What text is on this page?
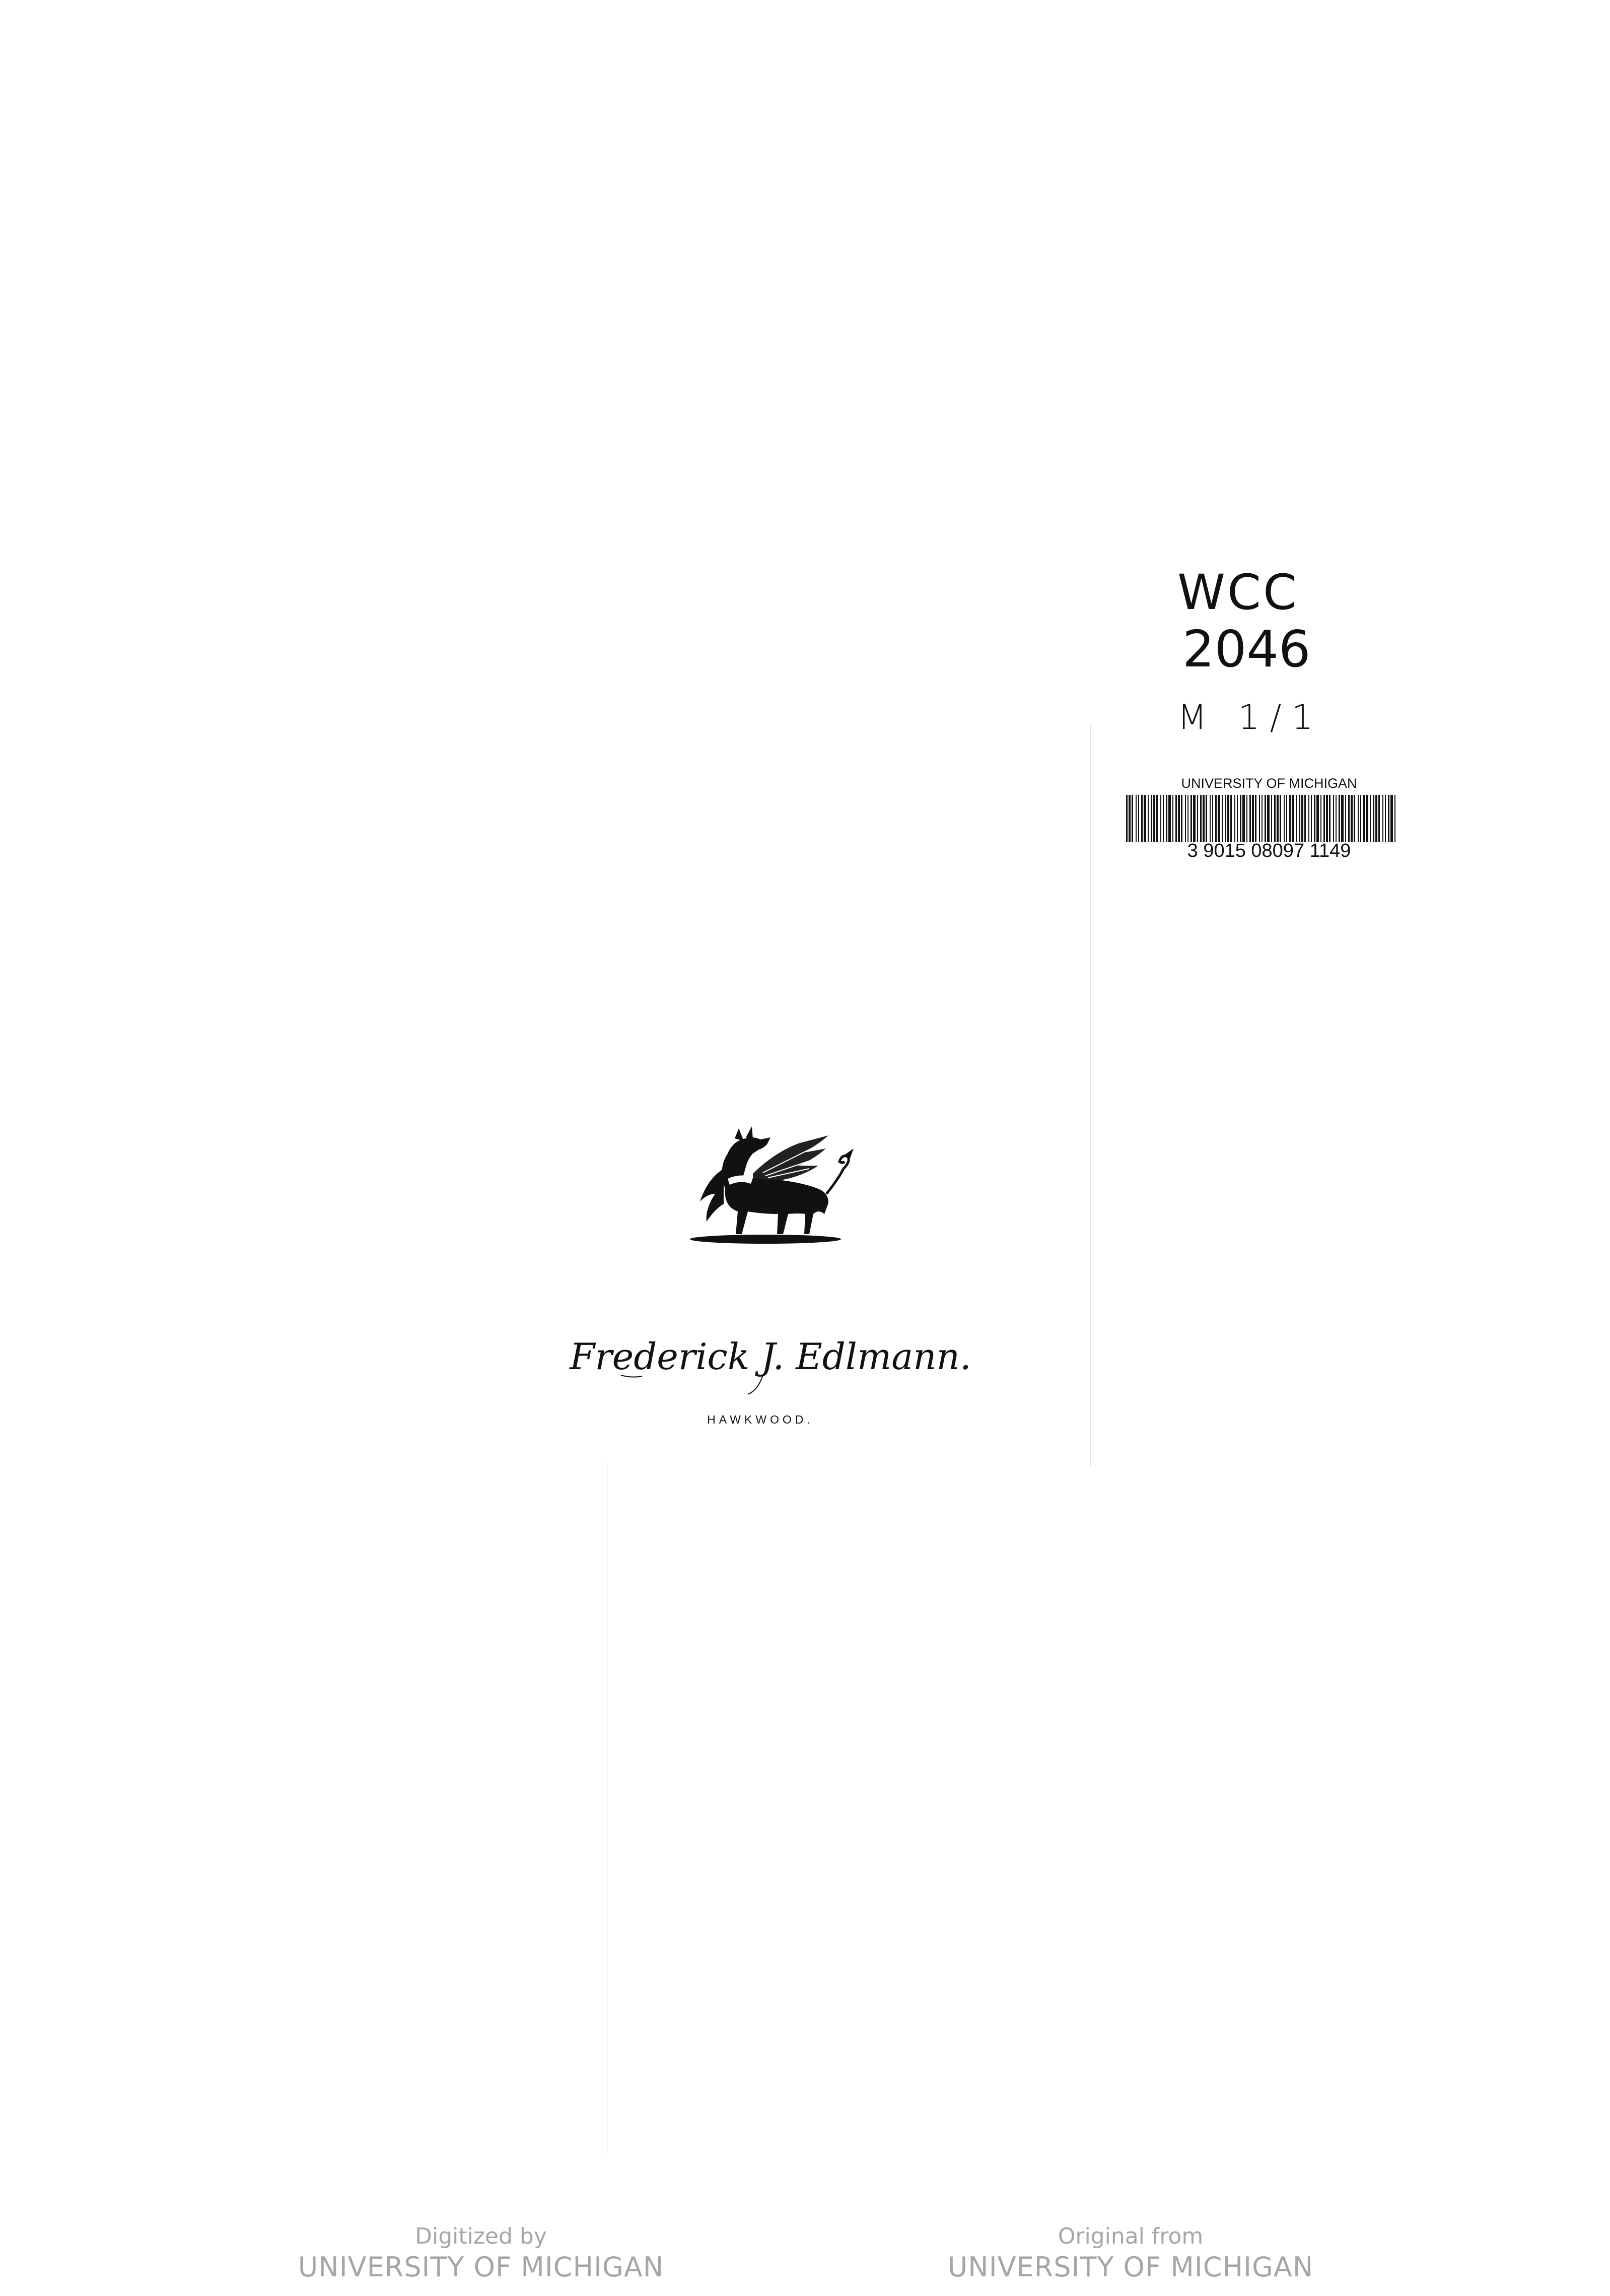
WCC
2046
M 1/1
UNIVERSITY OF MICHIGAN
3 9015 08097 1149
Frederick J. Edlmann.
HAWKWOOD.
Digitized by
UNIVERSITY OF MICHIGAN
Original from
UNIVERSITY OF MICHIGAN
